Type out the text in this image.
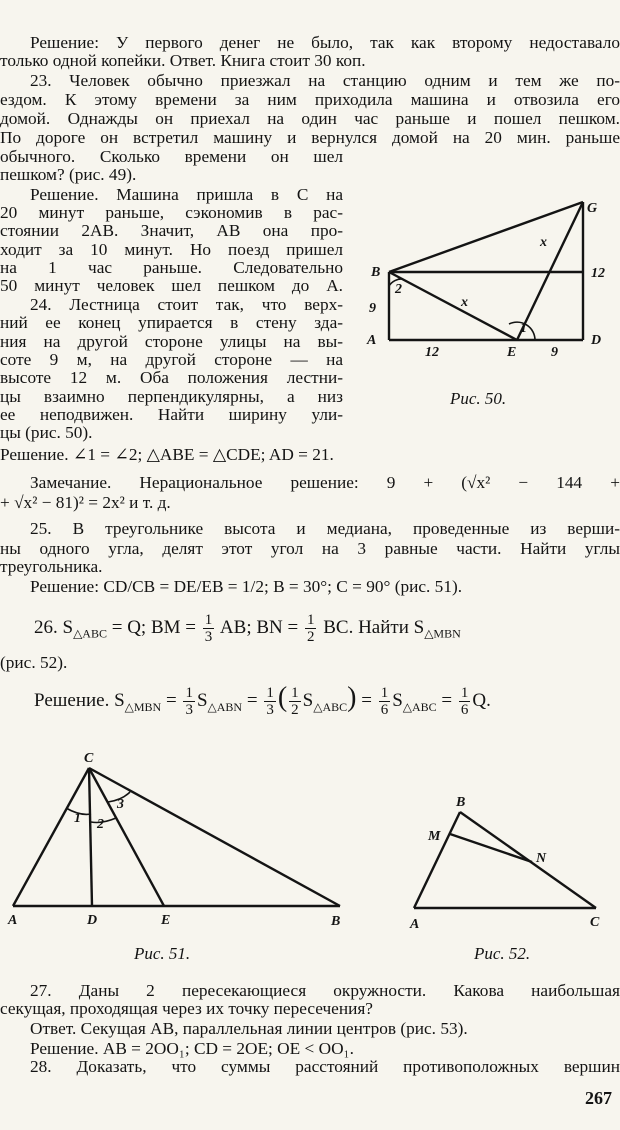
Решение: У первого денег не было, так как второму недоставало
только одной копейки. Ответ. Книга стоит 30 коп.
23. Человек обычно приезжал на станцию одним и тем же по-
ездом. К этому времени за ним приходила машина и отвозила его
домой. Однажды он приехал на один час раньше и пошел пешком.
По дороге он встретил машину и вернулся домой на 20 мин. раньше
обычного. Сколько времени он шел
пешком? (рис. 49).
Решение. Машина пришла в C на
20 минут раньше, сэкономив в рас-
стоянии 2AB. Значит, AB она про-
ходит за 10 минут. Но поезд пришел
на 1 час раньше. Следовательно
50 минут человек шел пешком до A.
24. Лестница стоит так, что верх-
ний ее конец упирается в стену зда-
ния на другой стороне улицы на вы-
соте 9 м, на другой стороне — на
высоте 12 м. Оба положения лестни-
цы взаимно перпендикулярны, а низ
ее неподвижен. Найти ширину ули-
цы (рис. 50).
G
B
A
E
D
x
x
12
12
9
9
1
2
Рис. 50.
Решение. ∠1 = ∠2; △ABE = △CDE; AD = 21.
Замечание. Нерациональное решение: 9 + (√x² − 144 +
+ √x² − 81)² = 2x² и т. д.
25. В треугольнике высота и медиана, проведенные из верши-
ны одного угла, делят этот угол на 3 равные части. Найти углы
треугольника.
Решение: CD/CB = DE/EB = 1/2; B = 30°; C = 90° (рис. 51).
26. $S_{\triangle ABC} = Q$; BM = $\frac{1}{3}$ AB; BN = $\frac{1}{2}$ BC. Найти $S_{\triangle MBN}$
(рис. 52).
Решение. $S_{\triangle MBN} = \frac{1}{3} S_{\triangle ABN} = \frac{1}{3}$ ( $\frac{1}{2} S_{\triangle ABC}) = \frac{1}{6} S_{\triangle ABC} = \frac{1}{6} Q$.
C
A	D	E	B
1 2
3
Рис. 51.
B
M
N
A	C
Рис. 52.
27. Даны 2 пересекающиеся окружности. Какова наибольшая
секущая, проходящая через их точку пересечения?
Ответ. Секущая AB, параллельная линии центров (рис. 53).
Решение. AB = 2OO₁; CD = 2OE; OE < OO₁.
28. Доказать, что суммы расстояний противоположных вершин
267
